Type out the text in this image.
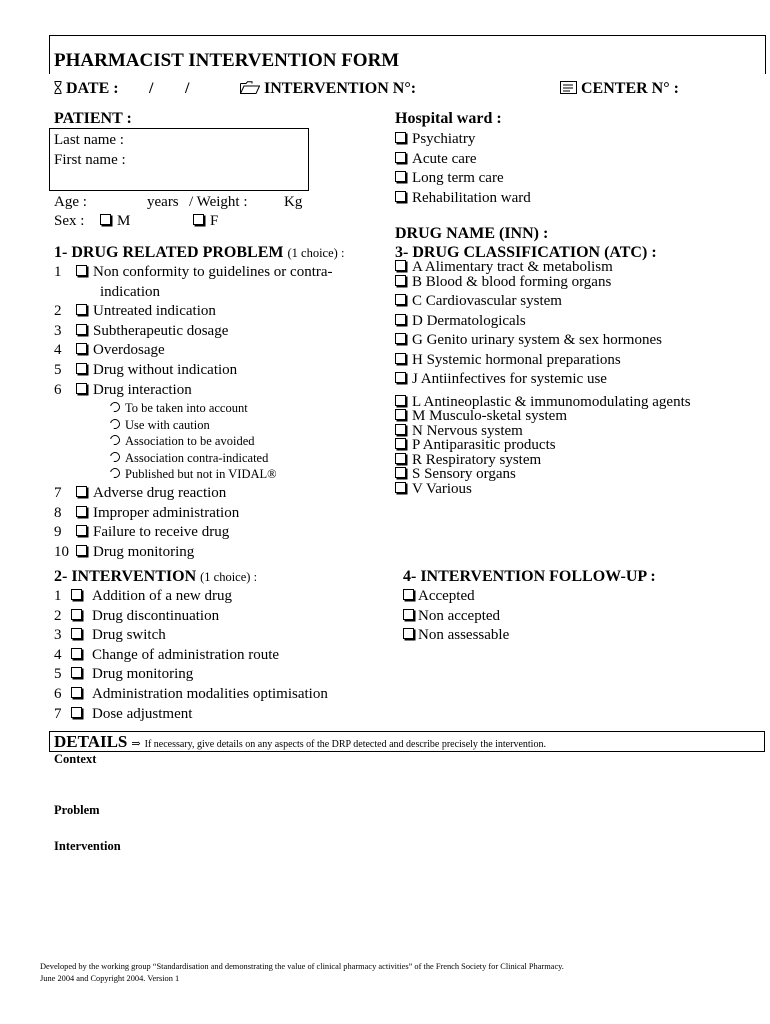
PHARMACIST INTERVENTION FORM
DATE : / /	INTERVENTION N°:	CENTER N° :
PATIENT :
Last name :
First name :
Age :	years / Weight : Kg
Sex :	M	F
Hospital ward :
Psychiatry
Acute care
Long term care
Rehabilitation ward
DRUG NAME (INN) :
1- DRUG RELATED PROBLEM (1 choice) :
1 Non conformity to guidelines or contra-
indication
2 Untreated indication
3 Subtherapeutic dosage
4 Overdosage
5 Drug without indication
6 Drug interaction
To be taken into account
Use with caution
Association to be avoided
Association contra-indicated
Published but not in VIDAL®
7 Adverse drug reaction
8 Improper administration
9 Failure to receive drug
10 Drug monitoring
3- DRUG CLASSIFICATION (ATC) :
A Alimentary tract & metabolism
B Blood & blood forming organs
C Cardiovascular system
D Dermatologicals
G Genito urinary system & sex hormones
H Systemic hormonal preparations
J Antiinfectives for systemic use
L Antineoplastic & immunomodulating agents
M Musculo-sketal system
N Nervous system
P Antiparasitic products
R Respiratory system
S Sensory organs
V Various
2- INTERVENTION (1 choice) :
1 Addition of a new drug
2 Drug discontinuation
3 Drug switch
4 Change of administration route
5 Drug monitoring
6 Administration modalities optimisation
7 Dose adjustment
4- INTERVENTION FOLLOW-UP :
Accepted
Non accepted
Non assessable
DETAILS ⇒ If necessary, give details on any aspects of the DRP detected and describe precisely the intervention.
Context
Problem
Intervention
Developed by the working group “Standardisation and demonstrating the value of clinical pharmacy activities” of the French Society for Clinical Pharmacy.
June 2004 and Copyright 2004. Version 1
